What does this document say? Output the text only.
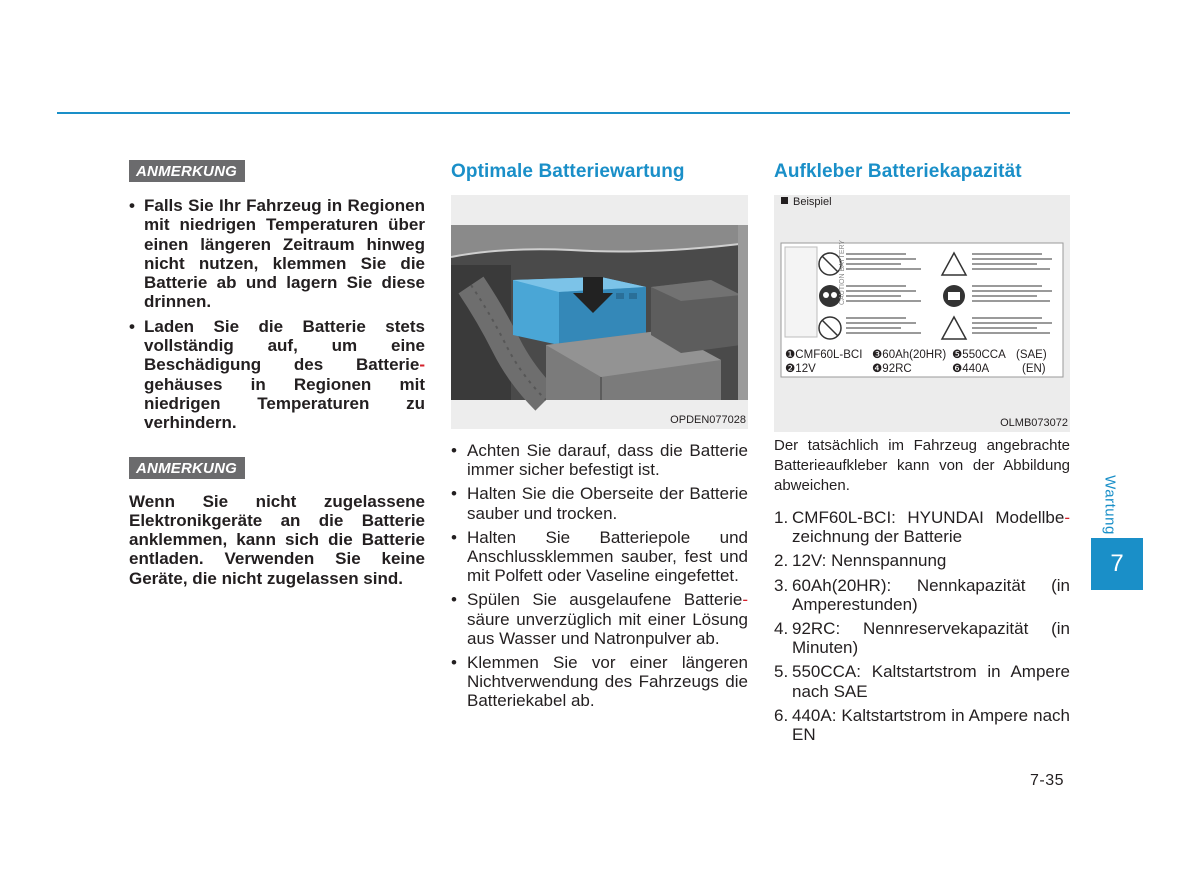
ANMERKUNG
• Falls Sie Ihr Fahrzeug in Regionen mit niedrigen Temperaturen über einen längeren Zeitraum hinweg nicht nutzen, klemmen Sie die Batterie ab und lagern Sie diese drinnen.
• Laden Sie die Batterie stets vollständig auf, um eine Beschädigung des Batterie-gehäuses in Regionen mit niedrigen Temperaturen zu verhindern.
ANMERKUNG

Wenn Sie nicht zugelassene Elektronikgeräte an die Batterie anklemmen, kann sich die Batterie entladen. Verwenden Sie keine Geräte, die nicht zugelassen sind.

Optimale Batteriewartung
OPDEN077028
• Achten Sie darauf, dass die Batterie immer sicher befestigt ist.
• Halten Sie die Oberseite der Batterie sauber und trocken.
• Halten Sie Batteriepole und Anschlussklemmen sauber, fest und mit Polfett oder Vaseline eingefettet.
• Spülen Sie ausgelaufene Batterie-säure unverzüglich mit einer Lösung aus Wasser und Natronpulver ab.
• Klemmen Sie vor einer längeren Nichtverwendung des Fahrzeugs die Batteriekabel ab.
Aufkleber Batteriekapazität
Beispiel
CAUTION BATTERY
❶CMF60L-BCI ❸60Ah(20HR) ❺550CCA (SAE)
❷12V	❹92RC	❻440A	(EN)
OLMB073072

Der tatsächlich im Fahrzeug angebrachte Batterieaufkleber kann von der Abbildung abweichen.

1. CMF60L-BCI: HYUNDAI Modellbe-zeichnung der Batterie
2. 12V: Nennspannung
3. 60Ah(20HR): Nennkapazität (in Amperestunden)
4. 92RC: Nennreservekapazität (in Minuten)
5. 550CCA: Kaltstartstrom in Ampere nach SAE
6. 440A: Kaltstartstrom in Ampere nach EN
Wartung
7
7-35
